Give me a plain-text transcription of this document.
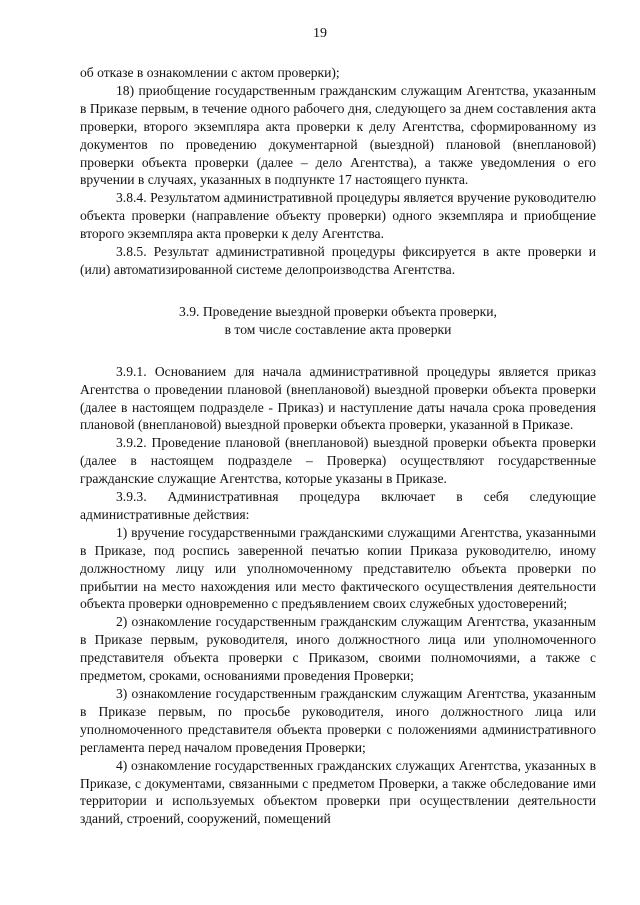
19

об отказе в ознакомлении с актом проверки);

18) приобщение государственным гражданским служащим Агентства, указанным в Приказе первым, в течение одного рабочего дня, следующего за днем составления акта проверки, второго экземпляра акта проверки к делу Агентства, сформированному из документов по проведению документарной (выездной) плановой (внеплановой) проверки объекта проверки (далее – дело Агентства), а также уведомления о его вручении в случаях, указанных в подпункте 17 настоящего пункта.

3.8.4. Результатом административной процедуры является вручение руководителю объекта проверки (направление объекту проверки) одного экземпляра и приобщение второго экземпляра акта проверки к делу Агентства.

3.8.5. Результат административной процедуры фиксируется в акте проверки и (или) автоматизированной системе делопроизводства Агентства.

3.9. Проведение выездной проверки объекта проверки,

в том числе составление акта проверки

3.9.1. Основанием для начала административной процедуры является приказ Агентства о проведении плановой (внеплановой) выездной проверки объекта проверки (далее в настоящем подразделе - Приказ) и наступление даты начала срока проведения плановой (внеплановой) выездной проверки объекта проверки, указанной в Приказе.

3.9.2. Проведение плановой (внеплановой) выездной проверки объекта проверки (далее в настоящем подразделе – Проверка) осуществляют государственные гражданские служащие Агентства, которые указаны в Приказе.

3.9.3. Административная процедура включает в себя следующие административные действия:

1) вручение государственными гражданскими служащими Агентства, указанными в Приказе, под роспись заверенной печатью копии Приказа руководителю, иному должностному лицу или уполномоченному представителю объекта проверки по прибытии на место нахождения или место фактического осуществления деятельности объекта проверки одновременно с предъявлением своих служебных удостоверений;

2) ознакомление государственным гражданским служащим Агентства, указанным в Приказе первым, руководителя, иного должностного лица или уполномоченного представителя объекта проверки с Приказом, своими полномочиями, а также с предметом, сроками, основаниями проведения Проверки;

3) ознакомление государственным гражданским служащим Агентства, указанным в Приказе первым, по просьбе руководителя, иного должностного лица или уполномоченного представителя объекта проверки с положениями административного регламента перед началом проведения Проверки;

4) ознакомление государственных гражданских служащих Агентства, указанных в Приказе, с документами, связанными с предметом Проверки, а также обследование ими территории и используемых объектом проверки при осуществлении деятельности зданий, строений, сооружений, помещений
